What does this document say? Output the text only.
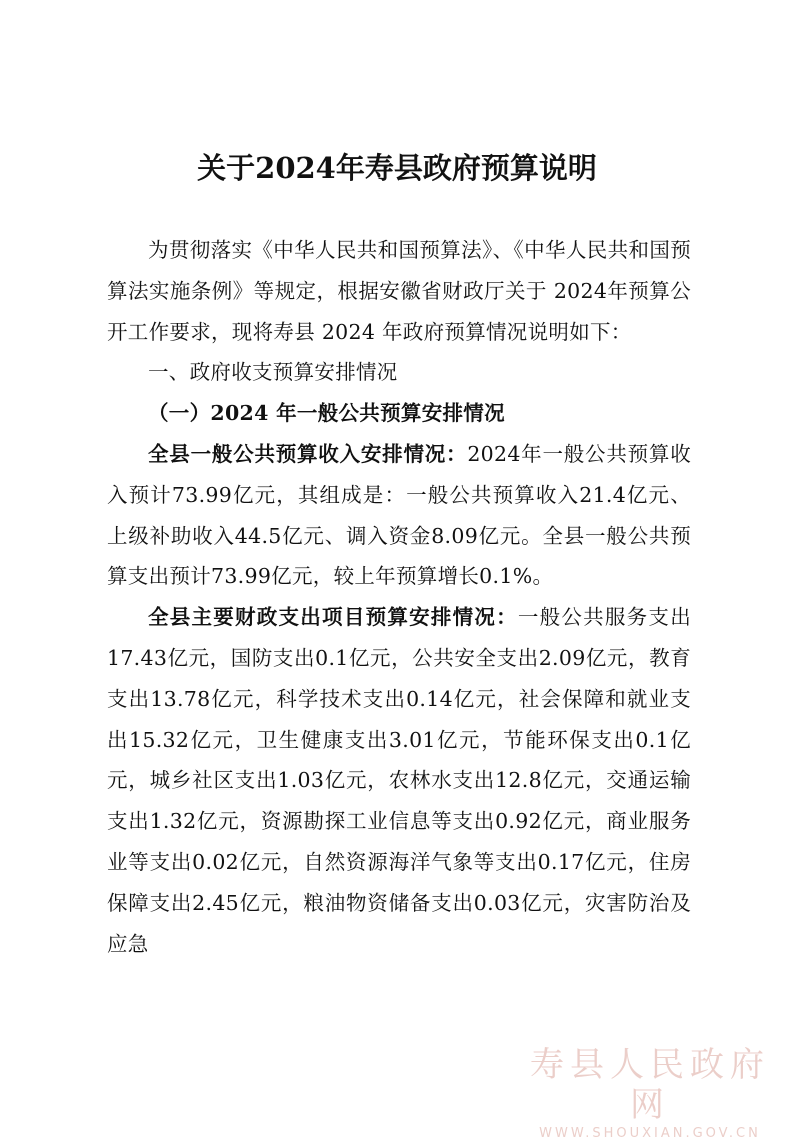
关于2024年寿县政府预算说明

为贯彻落实《中华人民共和国预算法》、《中华人民共和国预算法实施条例》等规定，根据安徽省财政厅关于 2024年预算公开工作要求，现将寿县 2024 年政府预算情况说明如下：

一、政府收支预算安排情况

（一）2024 年一般公共预算安排情况

全县一般公共预算收入安排情况：2024年一般公共预算收入预计73.99亿元，其组成是：一般公共预算收入21.4亿元、上级补助收入44.5亿元、调入资金8.09亿元。全县一般公共预算支出预计73.99亿元，较上年预算增长0.1%。

全县主要财政支出项目预算安排情况：一般公共服务支出17.43亿元，国防支出0.1亿元，公共安全支出2.09亿元，教育支出13.78亿元，科学技术支出0.14亿元，社会保障和就业支出15.32亿元，卫生健康支出3.01亿元，节能环保支出0.1亿元，城乡社区支出1.03亿元，农林水支出12.8亿元，交通运输支出1.32亿元，资源勘探工业信息等支出0.92亿元，商业服务业等支出0.02亿元，自然资源海洋气象等支出0.17亿元，住房保障支出2.45亿元，粮油物资储备支出0.03亿元，灾害防治及应急

寿县人民政府网
WWW.SHOUXIAN.GOV.CN
